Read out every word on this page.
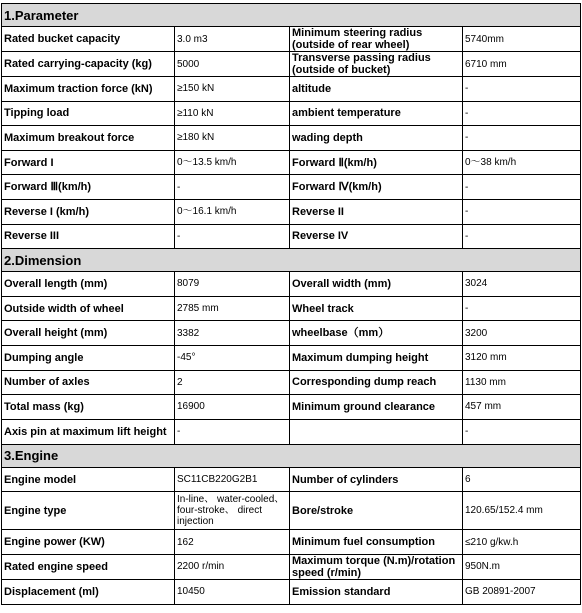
1.Parameter			
Rated bucket capacity	3.0 m3	Minimum steering radius (outside of rear wheel)	5740mm
Rated carrying-capacity (kg)	5000	Transverse passing radius (outside of bucket)	6710 mm
Maximum traction force (kN)	≥150 kN	altitude	-
Tipping load	≥110 kN	ambient temperature	-
Maximum breakout force	≥180 kN	wading depth	-
Forward I	0～13.5 km/h	Forward Ⅱ(km/h)	0～38 km/h
Forward Ⅲ(km/h)	-	Forward Ⅳ(km/h)	-
Reverse I (km/h)	0～16.1 km/h	Reverse II	-
Reverse III	-	Reverse IV	-
2.Dimension			
Overall length (mm)	8079	Overall width (mm)	3024
Outside width of wheel	2785 mm	Wheel track	-
Overall height (mm)	3382	wheelbase（mm）	3200
Dumping angle	-45°	Maximum dumping height	3120 mm
Number of axles	2	Corresponding dump reach	1130 mm
Total mass (kg)	16900	Minimum ground clearance	457 mm
Axis pin at maximum lift height	-		-
3.Engine			
Engine model	SC11CB220G2B1	Number of cylinders	6
Engine type	In-line、 water-cooled、 four-stroke、 direct injection	Bore/stroke	120.65/152.4 mm
Engine power (KW)	162	Minimum fuel consumption	≤210 g/kw.h
Rated engine speed	2200 r/min	Maximum torque (N.m)/rotation speed (r/min)	950N.m
Displacement (ml)	10450	Emission standard	GB 20891-2007
